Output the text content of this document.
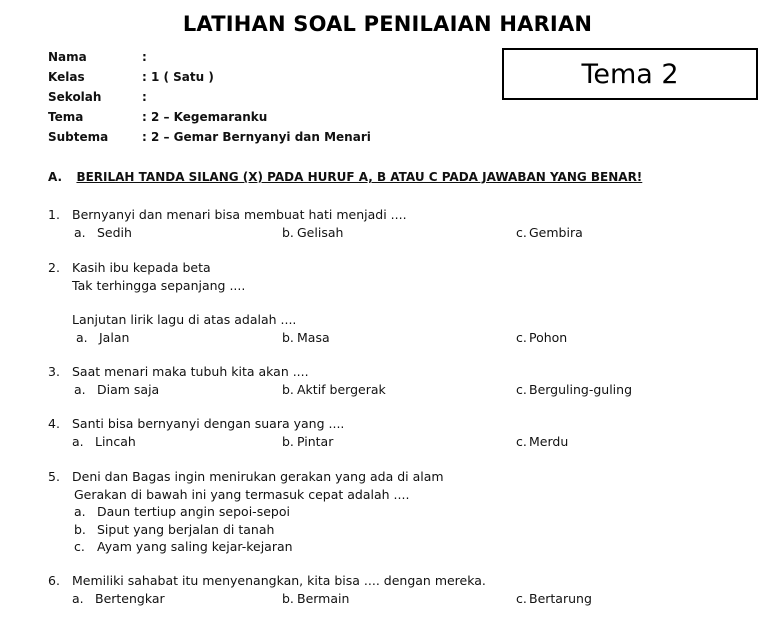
LATIHAN SOAL PENILAIAN HARIAN
Nama	:
Kelas	: 1 ( Satu )
Sekolah	:
Tema	: 2 – Kegemaranku
Subtema	: 2 – Gemar Bernyanyi dan Menari
Tema 2
A. BERILAH TANDA SILANG (X) PADA HURUF A, B ATAU C PADA JAWABAN YANG BENAR!
1. Bernyanyi dan menari bisa membuat hati menjadi ....
a. Sedih	b. Gelisah	c. Gembira
2. Kasih ibu kepada beta
Tak terhingga sepanjang ....
Lanjutan lirik lagu di atas adalah ....
a. Jalan	b. Masa	c. Pohon
3. Saat menari maka tubuh kita akan ....
a. Diam saja	b. Aktif bergerak	c. Berguling-guling
4. Santi bisa bernyanyi dengan suara yang ....
a. Lincah	b. Pintar	c. Merdu
5. Deni dan Bagas ingin menirukan gerakan yang ada di alam
Gerakan di bawah ini yang termasuk cepat adalah ....
a. Daun tertiup angin sepoi-sepoi
b. Siput yang berjalan di tanah
c. Ayam yang saling kejar-kejaran
6. Memiliki sahabat itu menyenangkan, kita bisa .... dengan mereka.
a. Bertengkar	b. Bermain	c. Bertarung
